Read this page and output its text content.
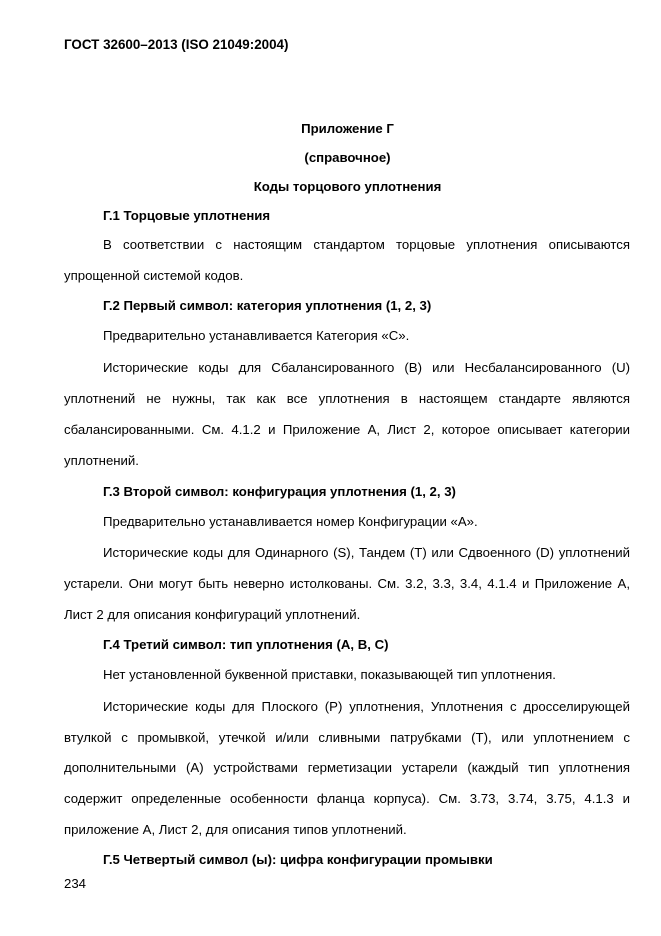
ГОСТ 32600–2013 (ISO 21049:2004)
Приложение Г
(справочное)
Коды торцового уплотнения
Г.1 Торцовые уплотнения
В соответствии с настоящим стандартом торцовые уплотнения описываются
упрощенной системой кодов.
Г.2 Первый символ: категория уплотнения (1, 2, 3)
Предварительно устанавливается Категория «С».
Исторические коды для Сбалансированного (B) или Несбалансированного (U)
уплотнений не нужны, так как все уплотнения в настоящем стандарте являются
сбалансированными. См. 4.1.2 и Приложение А, Лист 2, которое описывает категории
уплотнений.
Г.3 Второй символ: конфигурация уплотнения (1, 2, 3)
Предварительно устанавливается номер Конфигурации «А».
Исторические коды для Одинарного (S), Тандем (T) или Сдвоенного (D) уплотнений
устарели. Они могут быть неверно истолкованы. См. 3.2, 3.3, 3.4, 4.1.4 и Приложение А,
Лист 2 для описания конфигураций уплотнений.
Г.4 Третий символ: тип уплотнения (А, В, С)
Нет установленной буквенной приставки, показывающей тип уплотнения.
Исторические коды для Плоского (Р) уплотнения, Уплотнения с дросселирующей
втулкой с промывкой, утечкой и/или сливными патрубками (Т), или уплотнением с
дополнительными (А) устройствами герметизации устарели (каждый тип уплотнения
содержит определенные особенности фланца корпуса). См. 3.73, 3.74, 3.75, 4.1.3 и
приложение А, Лист 2, для описания типов уплотнений.
Г.5 Четвертый символ (ы): цифра конфигурации промывки
234
